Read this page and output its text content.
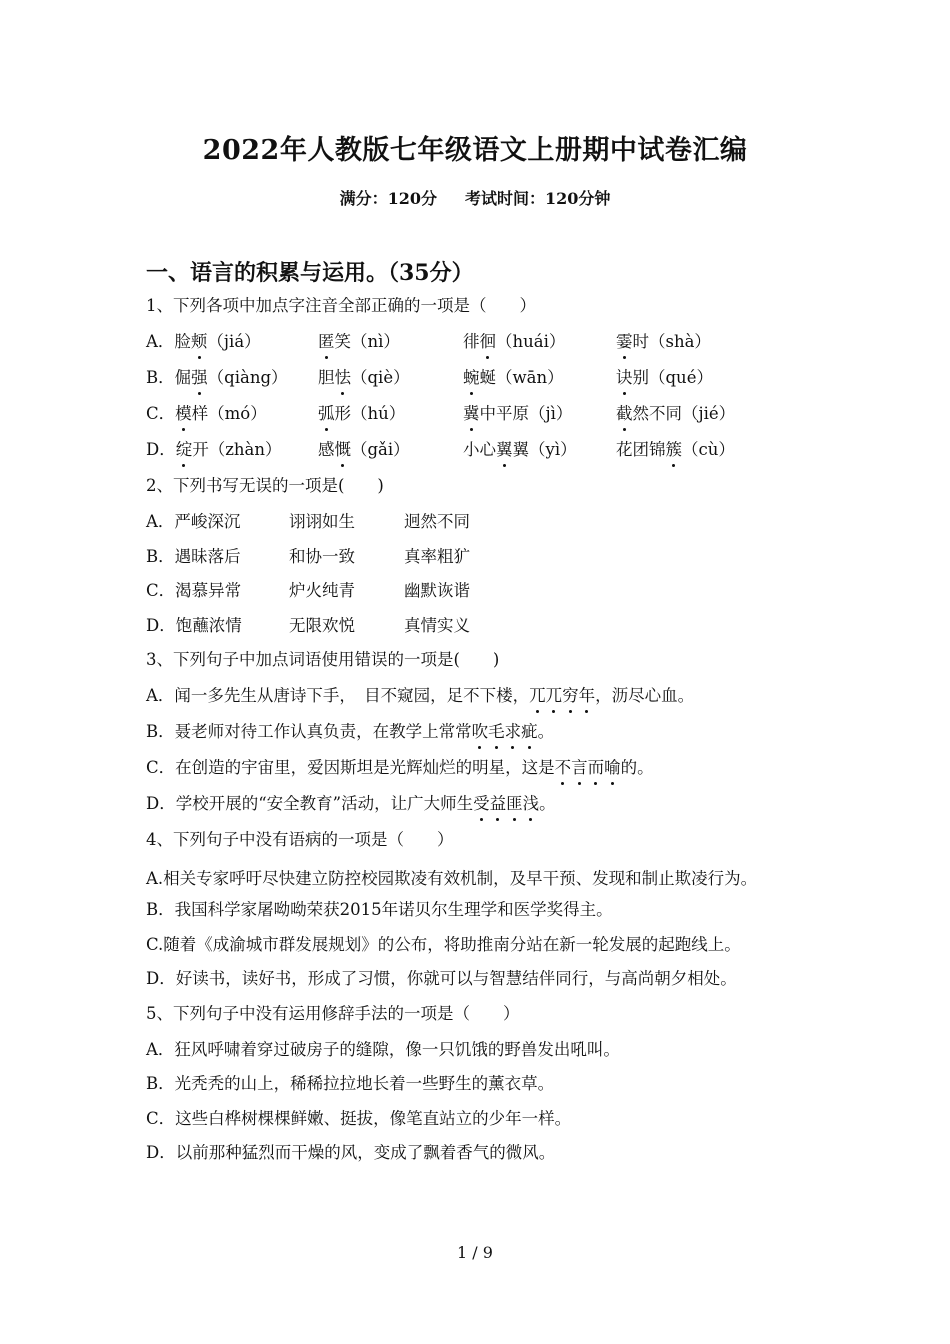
2022年人教版七年级语文上册期中试卷汇编
满分：120分 考试时间：120分钟
一、语言的积累与运用。（35分）
1、下列各项中加点字注音全部正确的一项是（　　）
A．脸颊（jiá）	匿笑（nì）	徘徊（huái）	霎时（shà）
B．倔强（qiàng）	胆怯（qiè）	蜿蜒（wān）	诀别（qué）
C．模样（mó）	弧形（hú）	冀中平原（jì）	截然不同（jié）
D．绽开（zhàn）	感慨（gǎi）	小心翼翼（yì）	花团锦簇（cù）
2、下列书写无误的一项是(　　)
A．严峻深沉	诩诩如生	迥然不同
B．遇昧落后	和协一致	真率粗犷
C．渴慕异常	炉火纯青	幽默诙谐
D．饱蘸浓情	无限欢悦	真情实义
3、下列句子中加点词语使用错误的一项是(　　)
A．闻一多先生从唐诗下手，　目不窥园，足不下楼，兀兀穷年，沥尽心血。
B．聂老师对待工作认真负责，在教学上常常吹毛求疵。
C．在创造的宇宙里，爱因斯坦是光辉灿烂的明星，这是不言而喻的。
D．学校开展的“安全教育”活动，让广大师生受益匪浅。
4、下列句子中没有语病的一项是（　　）
A.相关专家呼吁尽快建立防控校园欺凌有效机制，及早干预、发现和制止欺凌行为。
B．我国科学家屠呦呦荣获2015年诺贝尔生理学和医学奖得主。
C.随着《成渝城市群发展规划》的公布，将助推南分站在新一轮发展的起跑线上。
D．好读书，读好书，形成了习惯，你就可以与智慧结伴同行，与高尚朝夕相处。
5、下列句子中没有运用修辞手法的一项是（　　）
A．狂风呼啸着穿过破房子的缝隙，像一只饥饿的野兽发出吼叫。
B．光秃秃的山上，稀稀拉拉地长着一些野生的薰衣草。
C．这些白桦树棵棵鲜嫩、挺拔，像笔直站立的少年一样。
D．以前那种猛烈而干燥的风，变成了飘着香气的微风。
1 / 9
